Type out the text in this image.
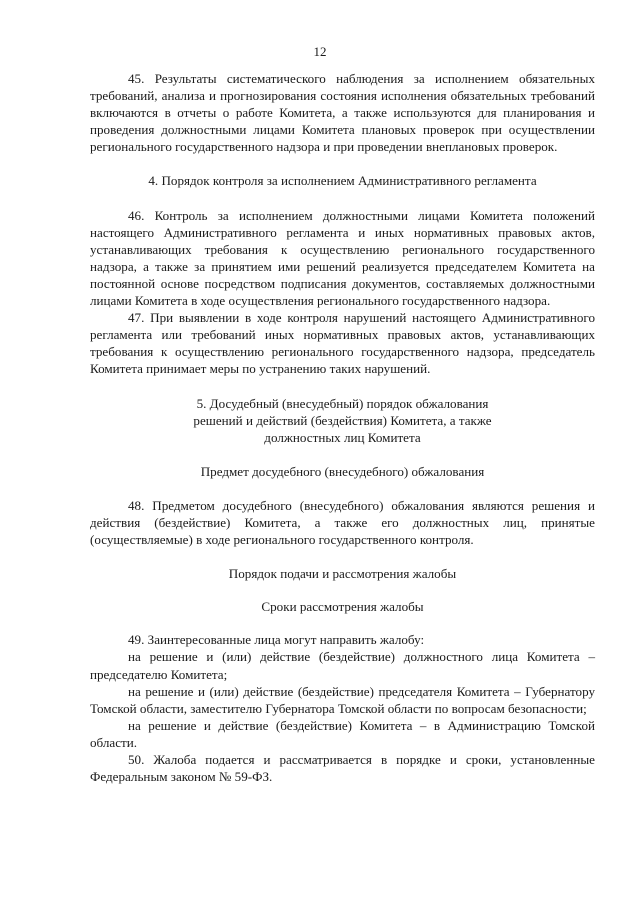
12

45. Результаты систематического наблюдения за исполнением обязательных требований, анализа и прогнозирования состояния исполнения обязательных требований включаются в отчеты о работе Комитета, а также используются для планирования и проведения должностными лицами Комитета плановых проверок при осуществлении регионального государственного надзора и при проведении внеплановых проверок.

4. Порядок контроля за исполнением Административного регламента

46. Контроль за исполнением должностными лицами Комитета положений настоящего Административного регламента и иных нормативных правовых актов, устанавливающих требования к осуществлению регионального государственного надзора, а также за принятием ими решений реализуется председателем Комитета на постоянной основе посредством подписания документов, составляемых должностными лицами Комитета в ходе осуществления регионального государственного надзора.

47. При выявлении в ходе контроля нарушений настоящего Административного регламента или требований иных нормативных правовых актов, устанавливающих требования к осуществлению регионального государственного надзора, председатель Комитета принимает меры по устранению таких нарушений.

5. Досудебный (внесудебный) порядок обжалования

решений и действий (бездействия) Комитета, а также

должностных лиц Комитета

Предмет досудебного (внесудебного) обжалования

48. Предметом досудебного (внесудебного) обжалования являются решения и действия (бездействие) Комитета, а также его должностных лиц, принятые (осуществляемые) в ходе регионального государственного контроля.

Порядок подачи и рассмотрения жалобы

Сроки рассмотрения жалобы

49. Заинтересованные лица могут направить жалобу:

на решение и (или) действие (бездействие) должностного лица Комитета – председателю Комитета;

на решение и (или) действие (бездействие) председателя Комитета – Губернатору Томской области, заместителю Губернатора Томской области по вопросам безопасности;

на решение и действие (бездействие) Комитета – в Администрацию Томской области.

50. Жалоба подается и рассматривается в порядке и сроки, установленные Федеральным законом № 59-ФЗ.
